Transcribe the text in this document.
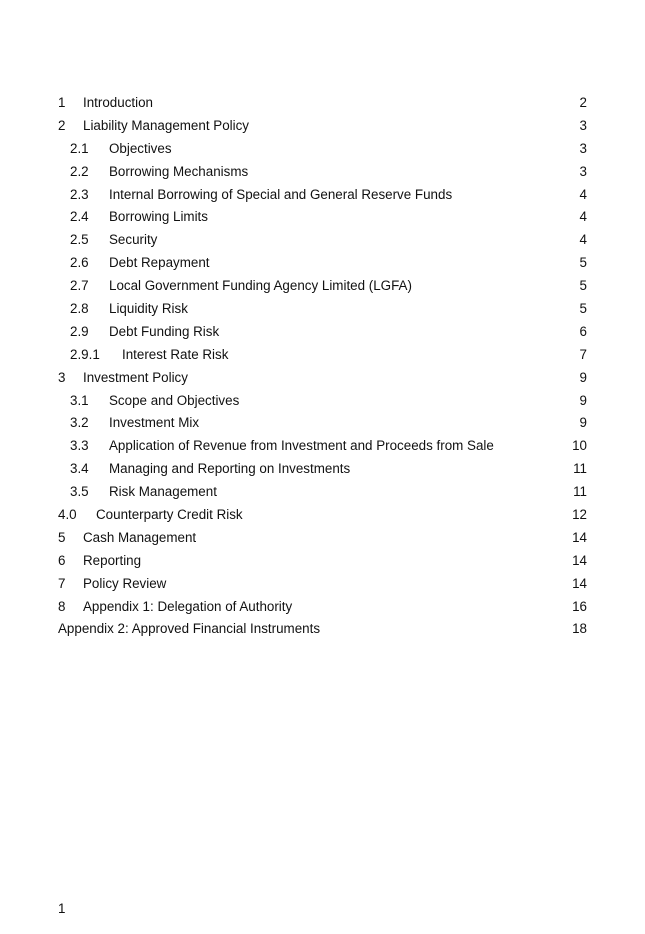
1 Introduction	2
2 Liability Management Policy	3
2.1 Objectives	3
2.2 Borrowing Mechanisms	3
2.3 Internal Borrowing of Special and General Reserve Funds	4
2.4 Borrowing Limits	4
2.5 Security	4
2.6 Debt Repayment	5
2.7 Local Government Funding Agency Limited (LGFA)	5
2.8 Liquidity Risk	5
2.9 Debt Funding Risk	6
2.9.1 Interest Rate Risk	7
3 Investment Policy	9
3.1 Scope and Objectives	9
3.2 Investment Mix	9
3.3 Application of Revenue from Investment and Proceeds from Sale	10
3.4 Managing and Reporting on Investments	11
3.5 Risk Management	11
4.0 Counterparty Credit Risk	12
5 Cash Management	14
6 Reporting	14
7 Policy Review	14
8 Appendix 1: Delegation of Authority	16
Appendix 2: Approved Financial Instruments	18
1
